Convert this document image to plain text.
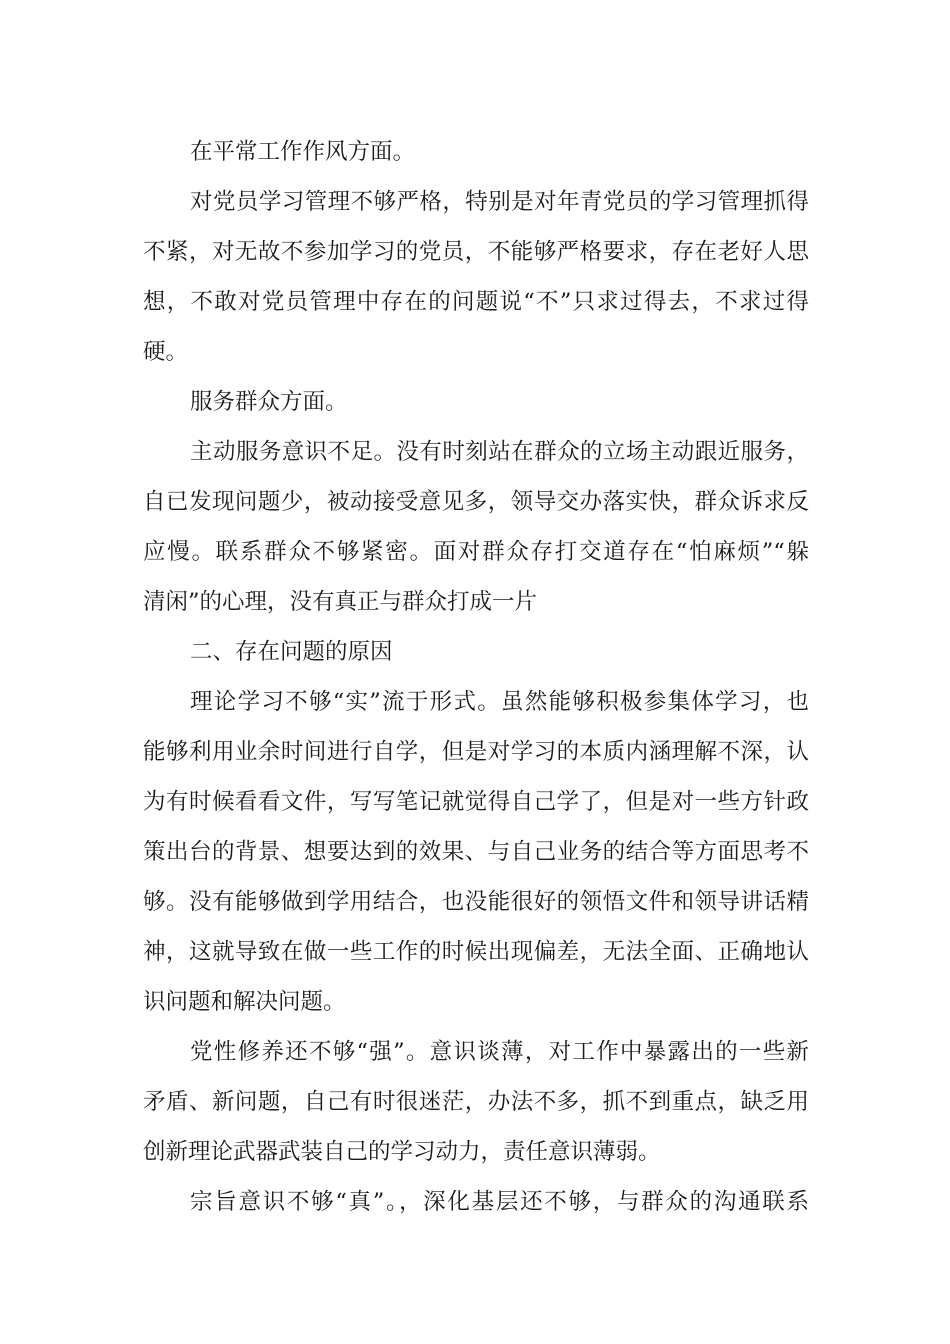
在平常工作作风方面。
对党员学习管理不够严格，特别是对年青党员的学习管理抓得
不紧，对无故不参加学习的党员，不能够严格要求，存在老好人思
想，不敢对党员管理中存在的问题说“不”只求过得去，不求过得
硬。
服务群众方面。
主动服务意识不足。没有时刻站在群众的立场主动跟近服务，
自已发现问题少，被动接受意见多，领导交办落实快，群众诉求反
应慢。联系群众不够紧密。面对群众存打交道存在“怕麻烦”“躲
清闲”的心理，没有真正与群众打成一片
二、存在问题的原因
理论学习不够“实”流于形式。虽然能够积极参集体学习，也
能够利用业余时间进行自学，但是对学习的本质内涵理解不深，认
为有时候看看文件，写写笔记就觉得自己学了，但是对一些方针政
策出台的背景、想要达到的效果、与自己业务的结合等方面思考不
够。没有能够做到学用结合，也没能很好的领悟文件和领导讲话精
神，这就导致在做一些工作的时候出现偏差，无法全面、正确地认
识问题和解决问题。
党性修养还不够“强”。意识谈薄，对工作中暴露出的一些新
矛盾、新问题，自己有时很迷茫，办法不多，抓不到重点，缺乏用
创新理论武器武装自己的学习动力，责任意识薄弱。
宗旨意识不够“真”。，深化基层还不够，与群众的沟通联系
